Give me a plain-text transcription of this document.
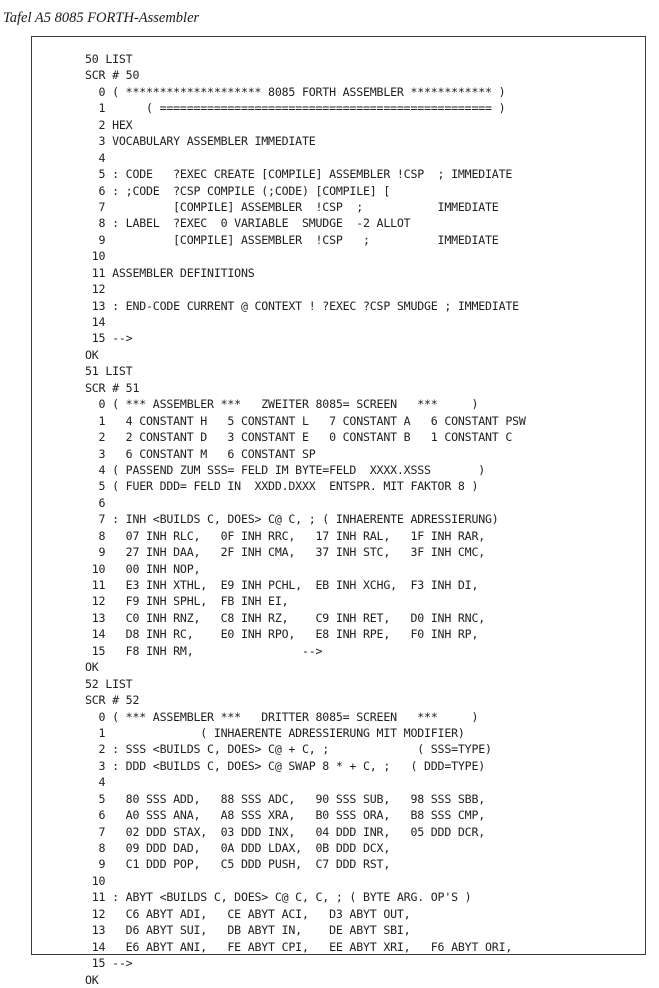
Tafel A5 8085 FORTH-Assembler
50 LIST
SCR # 50
0 ( ******************** 8085 FORTH ASSEMBLER ************ )
1      ( ================================================= )
2 HEX
3 VOCABULARY ASSEMBLER IMMEDIATE
4
5 : CODE   ?EXEC CREATE [COMPILE] ASSEMBLER !CSP  ; IMMEDIATE
6 : ;CODE  ?CSP COMPILE (;CODE) [COMPILE] [
7          [COMPILE] ASSEMBLER  !CSP  ;           IMMEDIATE
8 : LABEL  ?EXEC  0 VARIABLE  SMUDGE  -2 ALLOT
9          [COMPILE] ASSEMBLER  !CSP   ;          IMMEDIATE
10
11 ASSEMBLER DEFINITIONS
12
13 : END-CODE CURRENT @ CONTEXT ! ?EXEC ?CSP SMUDGE ; IMMEDIATE
14
15 -->
OK
51 LIST
SCR # 51
0 ( *** ASSEMBLER ***   ZWEITER 8085= SCREEN   ***     )
1   4 CONSTANT H   5 CONSTANT L   7 CONSTANT A   6 CONSTANT PSW
2   2 CONSTANT D   3 CONSTANT E   0 CONSTANT B   1 CONSTANT C
3   6 CONSTANT M   6 CONSTANT SP
4 ( PASSEND ZUM SSS= FELD IM BYTE=FELD  XXXX.XSSS       )
5 ( FUER DDD= FELD IN  XXDD.DXXX  ENTSPR. MIT FAKTOR 8 )
6
7 : INH <BUILDS C, DOES> C@ C, ; ( INHAERENTE ADRESSIERUNG)
8   07 INH RLC,   0F INH RRC,   17 INH RAL,   1F INH RAR,
9   27 INH DAA,   2F INH CMA,   37 INH STC,   3F INH CMC,
10   00 INH NOP,
11   E3 INH XTHL,  E9 INH PCHL,  EB INH XCHG,  F3 INH DI,
12   F9 INH SPHL,  FB INH EI,
13   C0 INH RNZ,   C8 INH RZ,    C9 INH RET,   D0 INH RNC,
14   D8 INH RC,    E0 INH RPO,   E8 INH RPE,   F0 INH RP,
15   F8 INH RM,                -->
OK
52 LIST
SCR # 52
0 ( *** ASSEMBLER ***   DRITTER 8085= SCREEN   ***     )
1              ( INHAERENTE ADRESSIERUNG MIT MODIFIER)
2 : SSS <BUILDS C, DOES> C@ + C, ;             ( SSS=TYPE)
3 : DDD <BUILDS C, DOES> C@ SWAP 8 * + C, ;   ( DDD=TYPE)
4
5   80 SSS ADD,   88 SSS ADC,   90 SSS SUB,   98 SSS SBB,
6   A0 SSS ANA,   A8 SSS XRA,   B0 SSS ORA,   B8 SSS CMP,
7   02 DDD STAX,  03 DDD INX,   04 DDD INR,   05 DDD DCR,
8   09 DDD DAD,   0A DDD LDAX,  0B DDD DCX,
9   C1 DDD POP,   C5 DDD PUSH,  C7 DDD RST,
10
11 : ABYT <BUILDS C, DOES> C@ C, C, ; ( BYTE ARG. OP'S )
12   C6 ABYT ADI,   CE ABYT ACI,   D3 ABYT OUT,
13   D6 ABYT SUI,   DB ABYT IN,    DE ABYT SBI,
14   E6 ABYT ANI,   FE ABYT CPI,   EE ABYT XRI,   F6 ABYT ORI,
15 -->
OK
